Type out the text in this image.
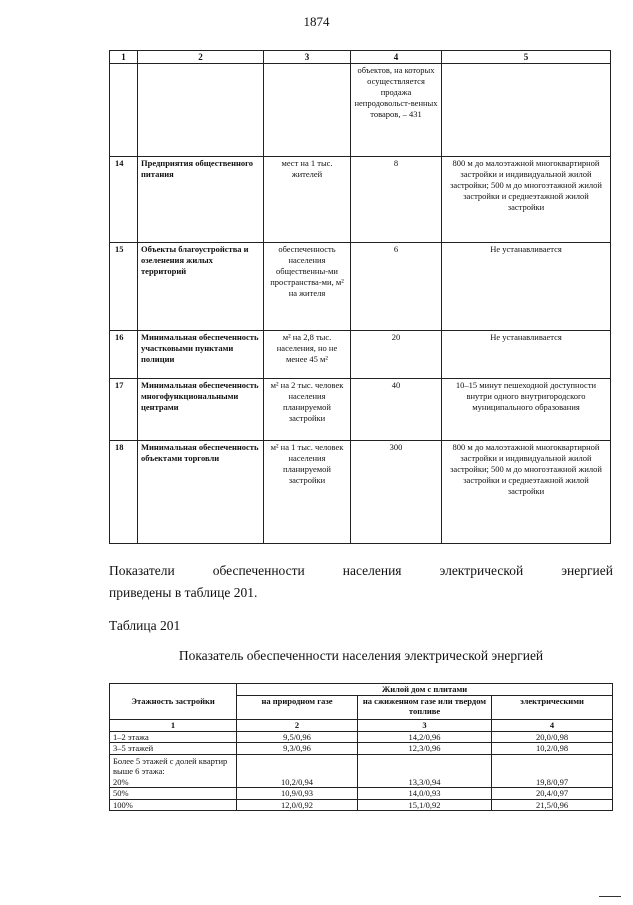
1874
1	2	3	4	5
			объектов, на которых осуществляется продажа непродовольст-венных товаров, – 431	
14	Предприятия общественного питания	мест на 1 тыс. жителей	8	800 м до малоэтажной многоквартирной застройки и индивидуальной жилой застройки; 500 м до многоэтажной жилой застройки и среднеэтажной жилой застройки
15	Объекты благоустройства и озеленения жилых территорий	обеспеченность населения общественны-ми пространства-ми, м² на жителя	6	Не устанавливается
16	Минимальная обеспеченность участковыми пунктами полиции	м² на 2,8 тыс. населения, но не менее 45 м²	20	Не устанавливается
17	Минимальная обеспеченность многофункциональными центрами	м² на 2 тыс. человек населения планируемой застройки	40	10–15 минут пешеходной доступности внутри одного внутригородского муниципального образования
18	Минимальная обеспеченность объектами торговли	м² на 1 тыс. человек населения планируемой застройки	300	800 м до малоэтажной многоквартирной застройки и индивидуальной жилой застройки; 500 м до многоэтажной жилой застройки и среднеэтажной жилой застройки
Показатели	обеспеченности	населения	электрической	энергией
приведены в таблице 201.
Таблица 201
Показатель обеспеченности населения электрической энергией
Этажность застройки	Жилой дом с плитами		
	на природном газе	на сжиженном газе или твердом топливе	электрическими
1	2	3	4
1–2 этажа	9,5/0,96	14,2/0,96	20,0/0,98
3–5 этажей	9,3/0,96	12,3/0,96	10,2/0,98

Более 5 этажей с долей квартир выше 6 этажа:
20%	10,2/0,94	13,3/0,94	19,8/0,97
50%	10,9/0,93	14,0/0,93	20,4/0,97
100%	12,0/0,92	15,1/0,92	21,5/0,96
